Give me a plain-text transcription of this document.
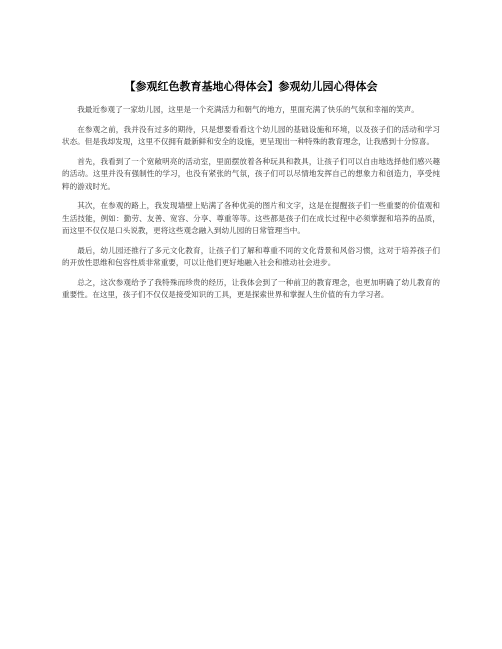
【参观红色教育基地心得体会】参观幼儿园心得体会

我最近参观了一家幼儿园，这里是一个充满活力和朝气的地方，里面充满了快乐的气氛和幸福的笑声。

在参观之前，我并没有过多的期待，只是想要看看这个幼儿园的基础设施和环境，以及孩子们的活动和学习状态。但是我却发现，这里不仅拥有最新鲜和安全的设施，更呈现出一种特殊的教育理念，让我感到十分惊喜。

首先，我看到了一个宽敞明亮的活动室，里面摆放着各种玩具和教具，让孩子们可以自由地选择他们感兴趣的活动。这里并没有强制性的学习，也没有紧张的气氛，孩子们可以尽情地发挥自己的想象力和创造力，享受纯粹的游戏时光。

其次，在参观的路上，我发现墙壁上贴满了各种优美的图片和文字，这是在提醒孩子们一些重要的价值观和生活技能，例如：勤劳、友善、宽容、分享、尊重等等。这些都是孩子们在成长过程中必须掌握和培养的品质，而这里不仅仅是口头说教，更将这些观念融入到幼儿园的日常管理当中。

最后，幼儿园还推行了多元文化教育，让孩子们了解和尊重不同的文化背景和风俗习惯，这对于培养孩子们的开放性思维和包容性质非常重要，可以让他们更好地融入社会和推动社会进步。

总之，这次参观给予了我特殊而珍贵的经历，让我体会到了一种前卫的教育理念，也更加明确了幼儿教育的重要性。在这里，孩子们不仅仅是接受知识的工具，更是探索世界和掌握人生价值的有力学习者。
